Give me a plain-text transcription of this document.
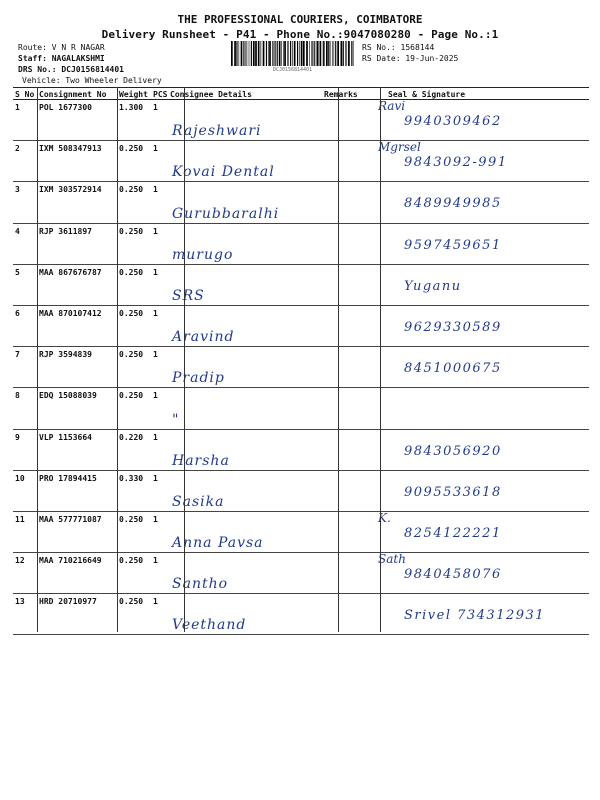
THE PROFESSIONAL COURIERS, COIMBATORE
Delivery Runsheet - P41 - Phone No.:9047080280 - Page No.:1
Route: V N R NAGAR
Staff: NAGALAKSHMI
DRS No.: DCJ0156814401
Vehicle: Two Wheeler Delivery
RS No.: 1568144
RS Date: 19-Jun-2025
DCJ0156814401
S No	Consignment No	Weight	PCS	Consignee Details	Remarks	Seal & Signature
1	POL 1677300	1.300	1	Rajeshwari		Ravi
9940309462

2	IXM 508347913	0.250	1	Kovai Dental		Mgrsel
9843092-991

3	IXM 303572914	0.250	1	Gurubbaralhi		8489949985

4	RJP 3611897	0.250	1	murugo		9597459651

5	MAA 867676787	0.250	1	SRS		Yuganu

6	MAA 870107412	0.250	1	Aravind		9629330589

7	RJP 3594839	0.250	1	Pradip		8451000675

8	EDQ 15088039	0.250	1	"		

9	VLP 1153664	0.220	1	Harsha		9843056920

10	PRO 17894415	0.330	1	Sasika		9095533618

11	MAA 577771087	0.250	1	Anna Pavsa		K.
8254122221

12	MAA 710216649	0.250	1	Santho		Sath
9840458076

13	HRD 20710977	0.250	1	Veethand		Srivel 734312931
